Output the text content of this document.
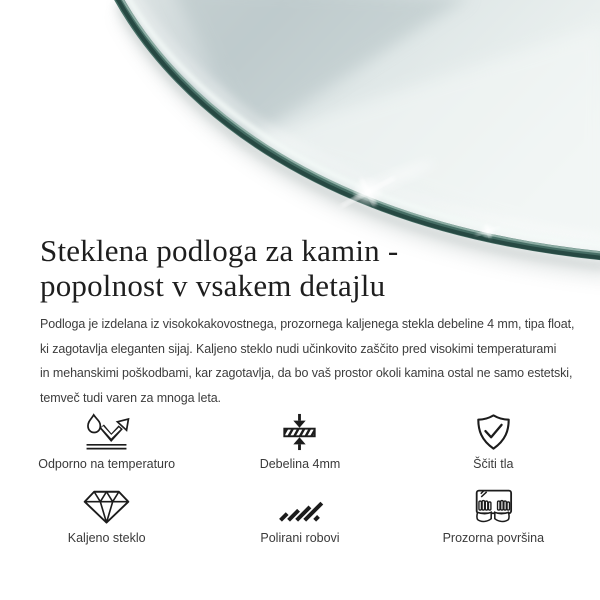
Steklena podloga za kamin -
popolnost v vsakem detajlu

Podloga je izdelana iz visokokakovostnega, prozornega kaljenega stekla debeline 4 mm, tipa float,
ki zagotavlja eleganten sijaj. Kaljeno steklo nudi učinkovito zaščito pred visokimi temperaturami
in mehanskimi poškodbami, kar zagotavlja, da bo vaš prostor okoli kamina ostal ne samo estetski,
temveč tudi varen za mnoga leta.

Odporno na temperaturo	Debelina 4mm	Ščiti tla
Kaljeno steklo	Polirani robovi	Prozorna površina
